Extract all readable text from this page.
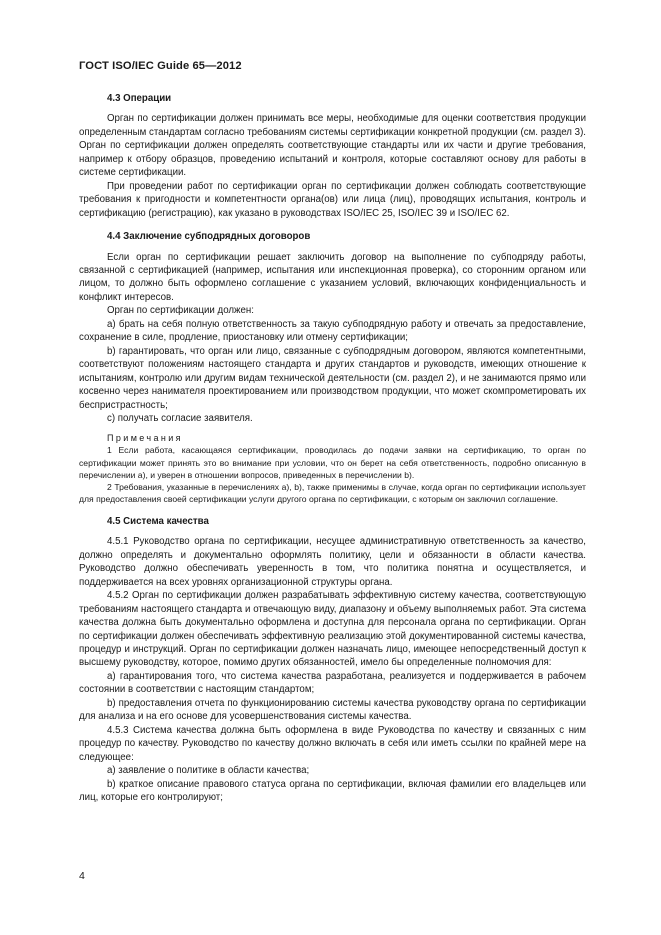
ГОСТ ISO/IEC Guide 65—2012

4.3 Операции

Орган по сертификации должен принимать все меры, необходимые для оценки соответствия продукции определенным стандартам согласно требованиям системы сертификации конкретной продукции (см. раздел 3). Орган по сертификации должен определять соответствующие стандарты или их части и другие требования, например к отбору образцов, проведению испытаний и контроля, которые составляют основу для работы в системе сертификации.

При проведении работ по сертификации орган по сертификации должен соблюдать соответствующие требования к пригодности и компетентности органа(ов) или лица (лиц), проводящих испытания, контроль и сертификацию (регистрацию), как указано в руководствах ISO/IEC 25, ISO/IEC 39 и ISO/IEC 62.

4.4 Заключение субподрядных договоров

Если орган по сертификации решает заключить договор на выполнение по субподряду работы, связанной с сертификацией (например, испытания или инспекционная проверка), со сторонним органом или лицом, то должно быть оформлено соглашение с указанием условий, включающих конфиденциальность и конфликт интересов.

Орган по сертификации должен:

a) брать на себя полную ответственность за такую субподрядную работу и отвечать за предоставление, сохранение в силе, продление, приостановку или отмену сертификации;

b) гарантировать, что орган или лицо, связанные с субподрядным договором, являются компетентными, соответствуют положениям настоящего стандарта и других стандартов и руководств, имеющих отношение к испытаниям, контролю или другим видам технической деятельности (см. раздел 2), и не занимаются прямо или косвенно через нанимателя проектированием или производством продукции, что может скомпрометировать их беспристрастность;

c) получать согласие заявителя.

Примечания

1 Если работа, касающаяся сертификации, проводилась до подачи заявки на сертификацию, то орган по сертификации может принять это во внимание при условии, что он берет на себя ответственность, подробно описанную в перечислении а), и уверен в отношении вопросов, приведенных в перечислении b).

2 Требования, указанные в перечислениях а), b), также применимы в случае, когда орган по сертификации использует для предоставления своей сертификации услуги другого органа по сертификации, с которым он заключил соглашение.

4.5 Система качества

4.5.1 Руководство органа по сертификации, несущее административную ответственность за качество, должно определять и документально оформлять политику, цели и обязанности в области качества. Руководство должно обеспечивать уверенность в том, что политика понятна и осуществляется, и поддерживается на всех уровнях организационной структуры органа.

4.5.2 Орган по сертификации должен разрабатывать эффективную систему качества, соответствующую требованиям настоящего стандарта и отвечающую виду, диапазону и объему выполняемых работ. Эта система качества должна быть документально оформлена и доступна для персонала органа по сертификации. Орган по сертификации должен обеспечивать эффективную реализацию этой документированной системы качества, процедур и инструкций. Орган по сертификации должен назначать лицо, имеющее непосредственный доступ к высшему руководству, которое, помимо других обязанностей, имело бы определенные полномочия для:

a) гарантирования того, что система качества разработана, реализуется и поддерживается в рабочем состоянии в соответствии с настоящим стандартом;

b) предоставления отчета по функционированию системы качества руководству органа по сертификации для анализа и на его основе для усовершенствования системы качества.

4.5.3 Система качества должна быть оформлена в виде Руководства по качеству и связанных с ним процедур по качеству. Руководство по качеству должно включать в себя или иметь ссылки по крайней мере на следующее:

a) заявление о политике в области качества;

b) краткое описание правового статуса органа по сертификации, включая фамилии его владельцев или лиц, которые его контролируют;

4
